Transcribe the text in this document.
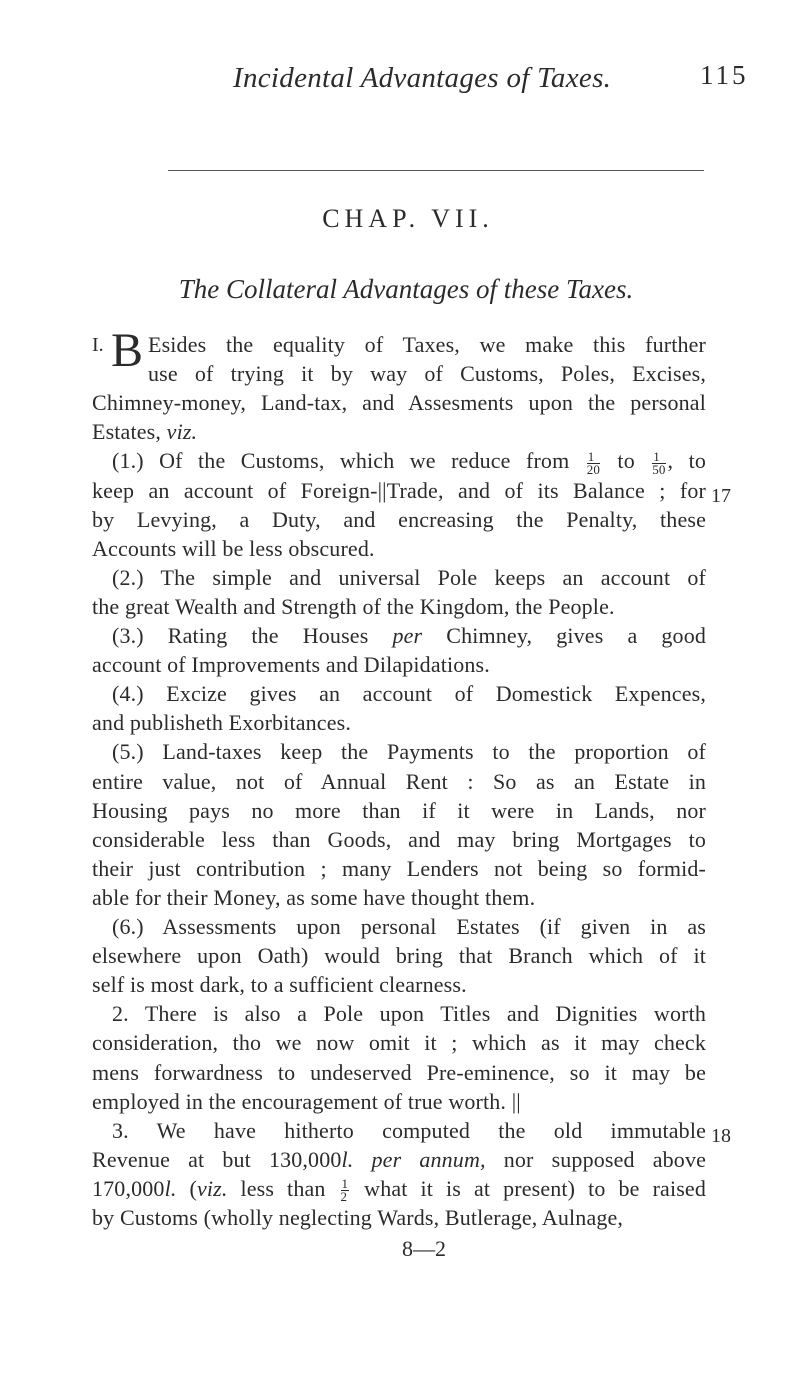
Incidental Advantages of Taxes.	115
CHAP. VII.
The Collateral Advantages of these Taxes.
I. B Esides the equality of Taxes, we make this further
use of trying it by way of Customs, Poles, Excises,
Chimney-money, Land-tax, and Assesments upon the personal
Estates, viz.
(1.) Of the Customs, which we reduce from $\frac{1}{20}$ to $\frac{1}{50}$ , to
keep an account of Foreign-||Trade, and of its Balance ; for 17
by Levying, a Duty, and encreasing the Penalty, these
Accounts will be less obscured.
(2.) The simple and universal Pole keeps an account of
the great Wealth and Strength of the Kingdom, the People.
(3.) Rating the Houses per Chimney, gives a good
account of Improvements and Dilapidations.
(4.) Excize gives an account of Domestick Expences,
and publisheth Exorbitances.
(5.) Land-taxes keep the Payments to the proportion of
entire value, not of Annual Rent : So as an Estate in
Housing pays no more than if it were in Lands, nor
considerable less than Goods, and may bring Mortgages to
their just contribution ; many Lenders not being so formid-
able for their Money, as some have thought them.
(6.) Assessments upon personal Estates (if given in as
elsewhere upon Oath) would bring that Branch which of it
self is most dark, to a sufficient clearness.
2. There is also a Pole upon Titles and Dignities worth
consideration, tho we now omit it ; which as it may check
mens forwardness to undeserved Pre-eminence, so it may be
employed in the encouragement of true worth. ||
8—2
3. We have hitherto computed the old immutable 18
Revenue at but 130,000l. per annum, nor supposed above
170,000l. (viz. less than $\frac{1}{2}$ what it is at present) to be raised
by Customs (wholly neglecting Wards, Butlerage, Aulnage,
